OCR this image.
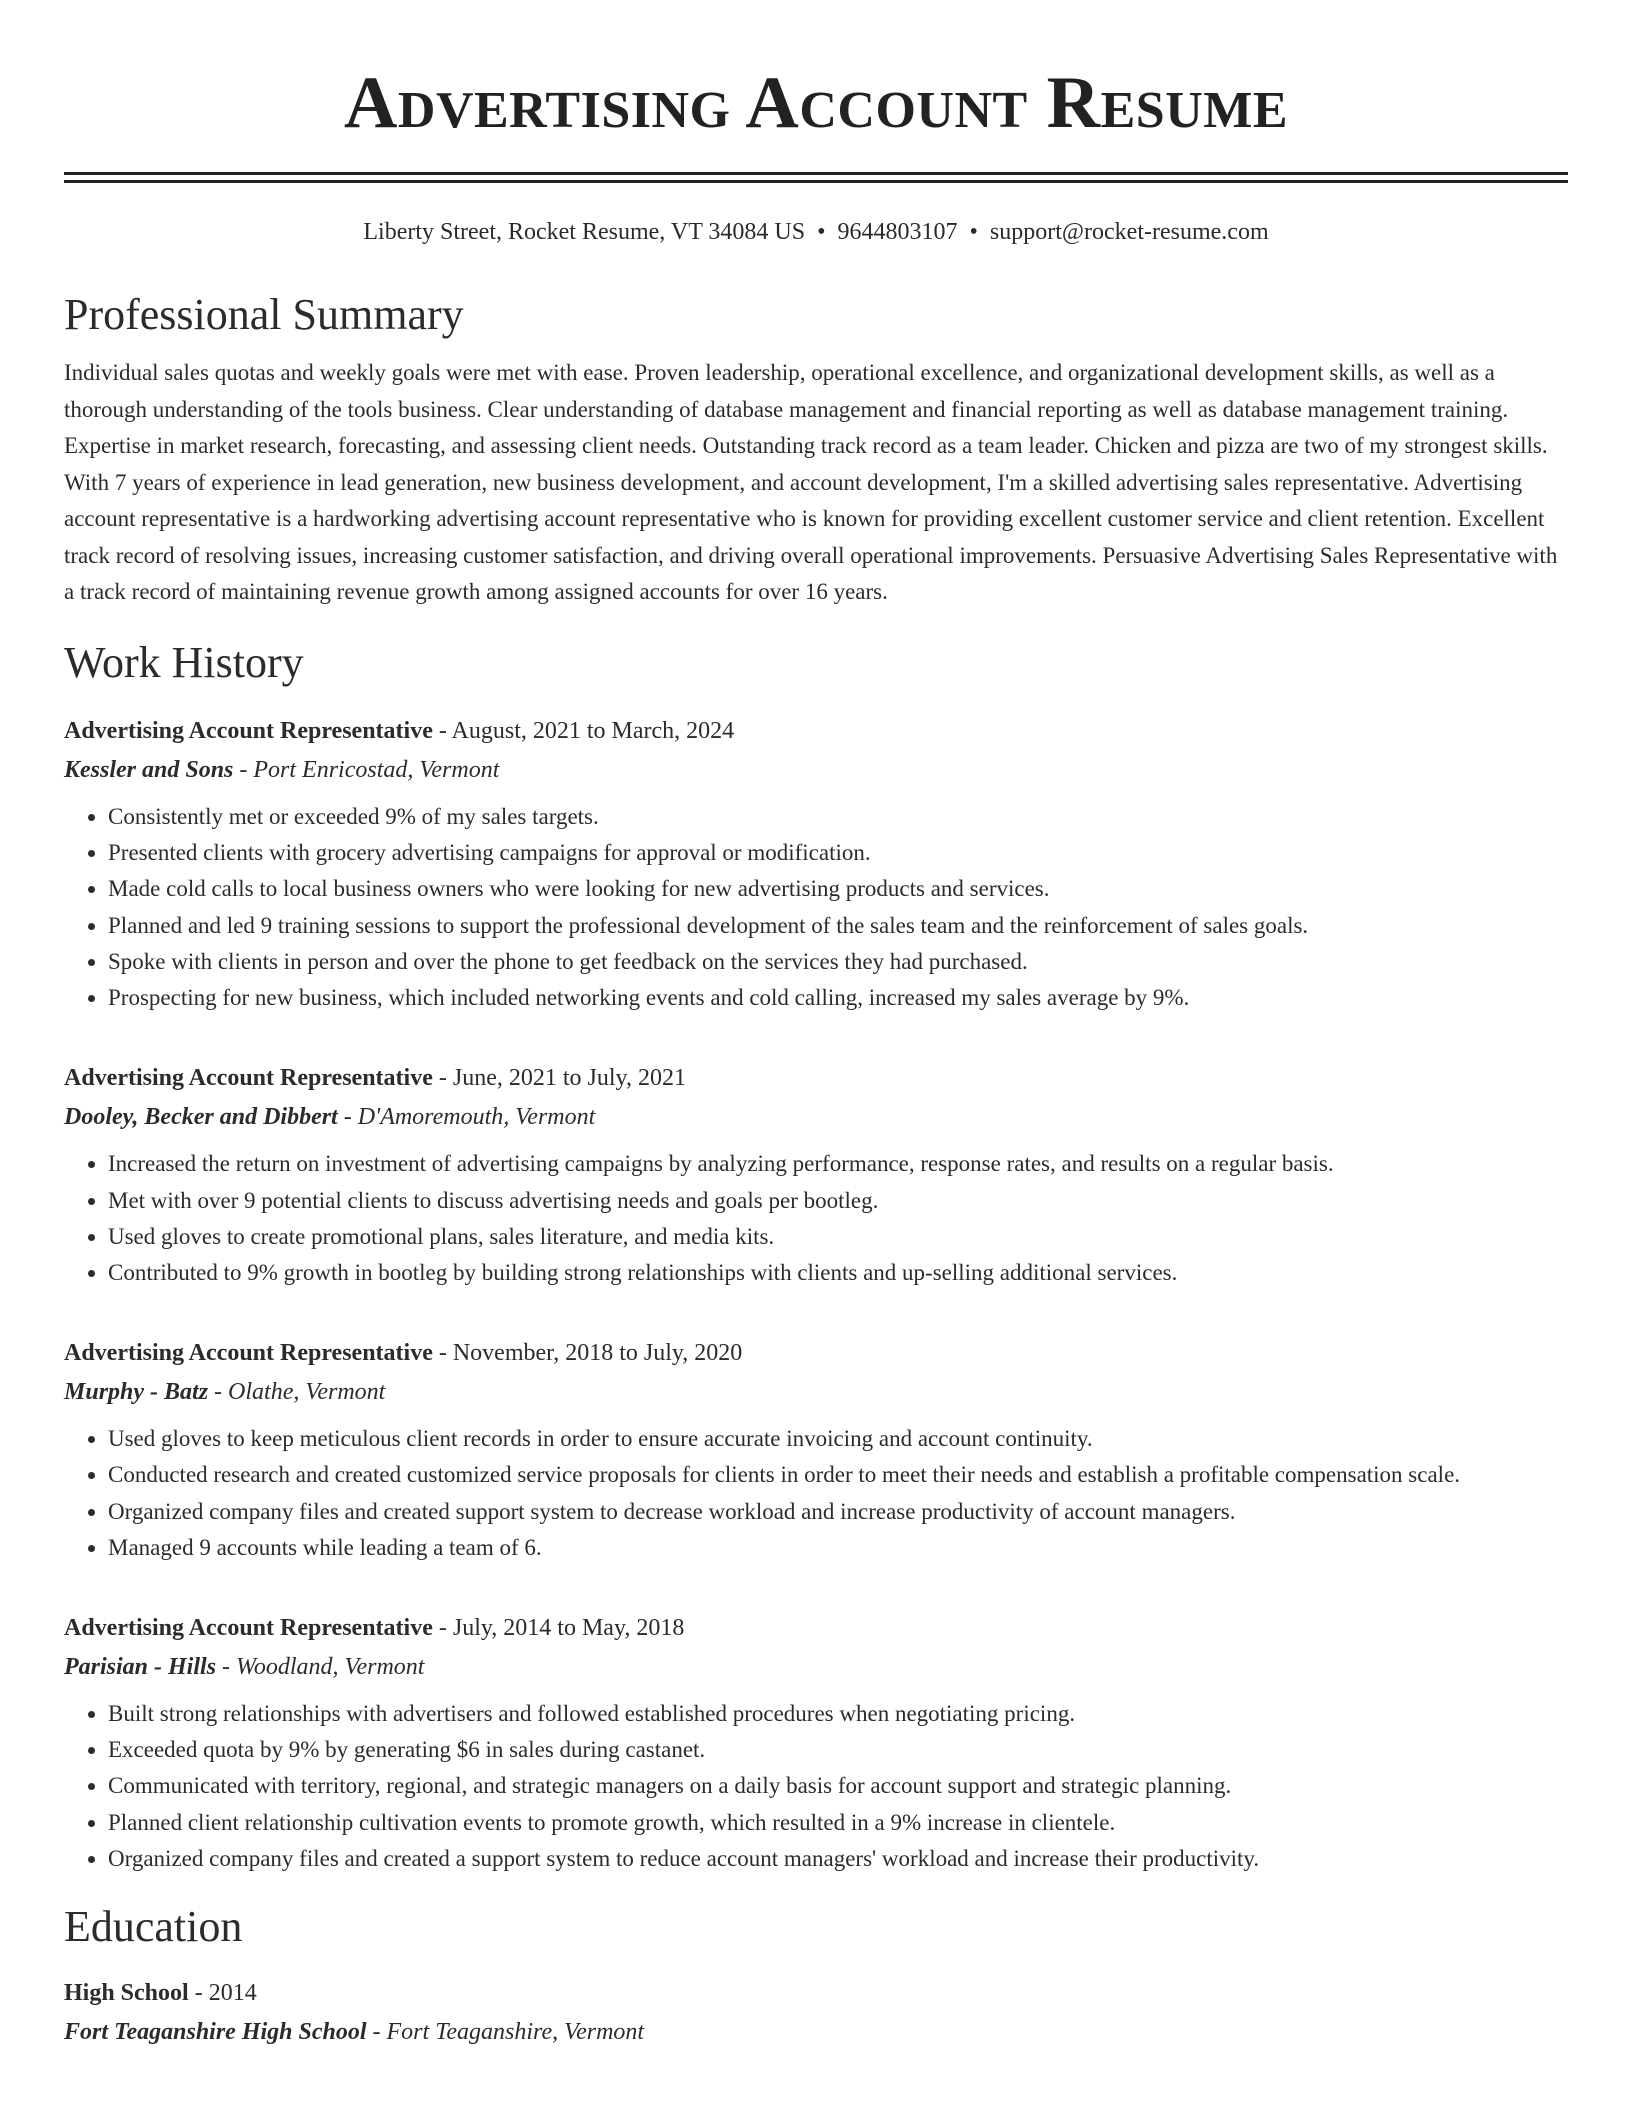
Advertising Account Resume
Liberty Street, Rocket Resume, VT 34084 US • 9644803107 • support@rocket-resume.com
Professional Summary
Individual sales quotas and weekly goals were met with ease. Proven leadership, operational excellence, and organizational development skills, as well as a thorough understanding of the tools business. Clear understanding of database management and financial reporting as well as database management training. Expertise in market research, forecasting, and assessing client needs. Outstanding track record as a team leader. Chicken and pizza are two of my strongest skills. With 7 years of experience in lead generation, new business development, and account development, I'm a skilled advertising sales representative. Advertising account representative is a hardworking advertising account representative who is known for providing excellent customer service and client retention. Excellent track record of resolving issues, increasing customer satisfaction, and driving overall operational improvements. Persuasive Advertising Sales Representative with a track record of maintaining revenue growth among assigned accounts for over 16 years.
Work History
Advertising Account Representative - August, 2021 to March, 2024
Kessler and Sons - Port Enricostad, Vermont
• Consistently met or exceeded 9% of my sales targets.
• Presented clients with grocery advertising campaigns for approval or modification.
• Made cold calls to local business owners who were looking for new advertising products and services.
• Planned and led 9 training sessions to support the professional development of the sales team and the reinforcement of sales goals.
• Spoke with clients in person and over the phone to get feedback on the services they had purchased.
• Prospecting for new business, which included networking events and cold calling, increased my sales average by 9%.
Advertising Account Representative - June, 2021 to July, 2021
Dooley, Becker and Dibbert - D'Amoremouth, Vermont
• Increased the return on investment of advertising campaigns by analyzing performance, response rates, and results on a regular basis.
• Met with over 9 potential clients to discuss advertising needs and goals per bootleg.
• Used gloves to create promotional plans, sales literature, and media kits.
• Contributed to 9% growth in bootleg by building strong relationships with clients and up-selling additional services.
Advertising Account Representative - November, 2018 to July, 2020
Murphy - Batz - Olathe, Vermont
• Used gloves to keep meticulous client records in order to ensure accurate invoicing and account continuity.
• Conducted research and created customized service proposals for clients in order to meet their needs and establish a profitable compensation scale.
• Organized company files and created support system to decrease workload and increase productivity of account managers.
• Managed 9 accounts while leading a team of 6.
Advertising Account Representative - July, 2014 to May, 2018
Parisian - Hills - Woodland, Vermont
• Built strong relationships with advertisers and followed established procedures when negotiating pricing.
• Exceeded quota by 9% by generating $6 in sales during castanet.
• Communicated with territory, regional, and strategic managers on a daily basis for account support and strategic planning.
• Planned client relationship cultivation events to promote growth, which resulted in a 9% increase in clientele.
• Organized company files and created a support system to reduce account managers' workload and increase their productivity.
Education
High School - 2014
Fort Teaganshire High School - Fort Teaganshire, Vermont
